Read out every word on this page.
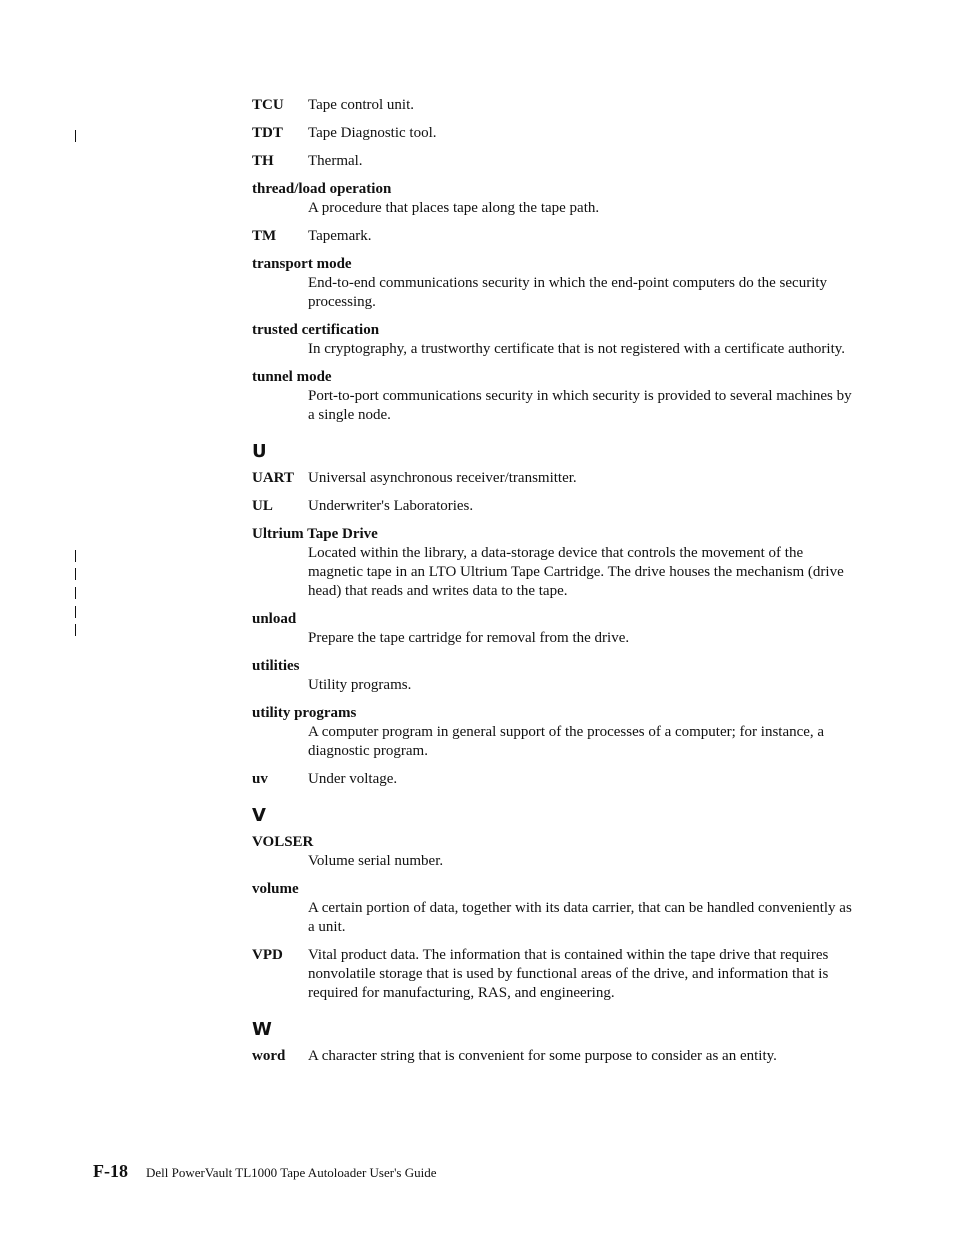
TCU	Tape control unit.
TDT	Tape Diagnostic tool.
TH	Thermal.
thread/load operation
A procedure that places tape along the tape path.
TM	Tapemark.
transport mode
End-to-end communications security in which the end-point computers do the security processing.
trusted certification
In cryptography, a trustworthy certificate that is not registered with a certificate authority.
tunnel mode
Port-to-port communications security in which security is provided to several machines by a single node.
U
UART Universal asynchronous receiver/transmitter.
UL	Underwriter's Laboratories.
Ultrium Tape Drive
Located within the library, a data-storage device that controls the movement of the magnetic tape in an LTO Ultrium Tape Cartridge. The drive houses the mechanism (drive head) that reads and writes data to the tape.
unload
Prepare the tape cartridge for removal from the drive.
utilities
Utility programs.
utility programs
A computer program in general support of the processes of a computer; for instance, a diagnostic program.
uv	Under voltage.
V
VOLSER
Volume serial number.
volume
A certain portion of data, together with its data carrier, that can be handled conveniently as a unit.
VPD	Vital product data. The information that is contained within the tape drive that requires nonvolatile storage that is used by functional areas of the drive, and information that is required for manufacturing, RAS, and engineering.
W
word	A character string that is convenient for some purpose to consider as an entity.
F-18 Dell PowerVault TL1000 Tape Autoloader User's Guide
